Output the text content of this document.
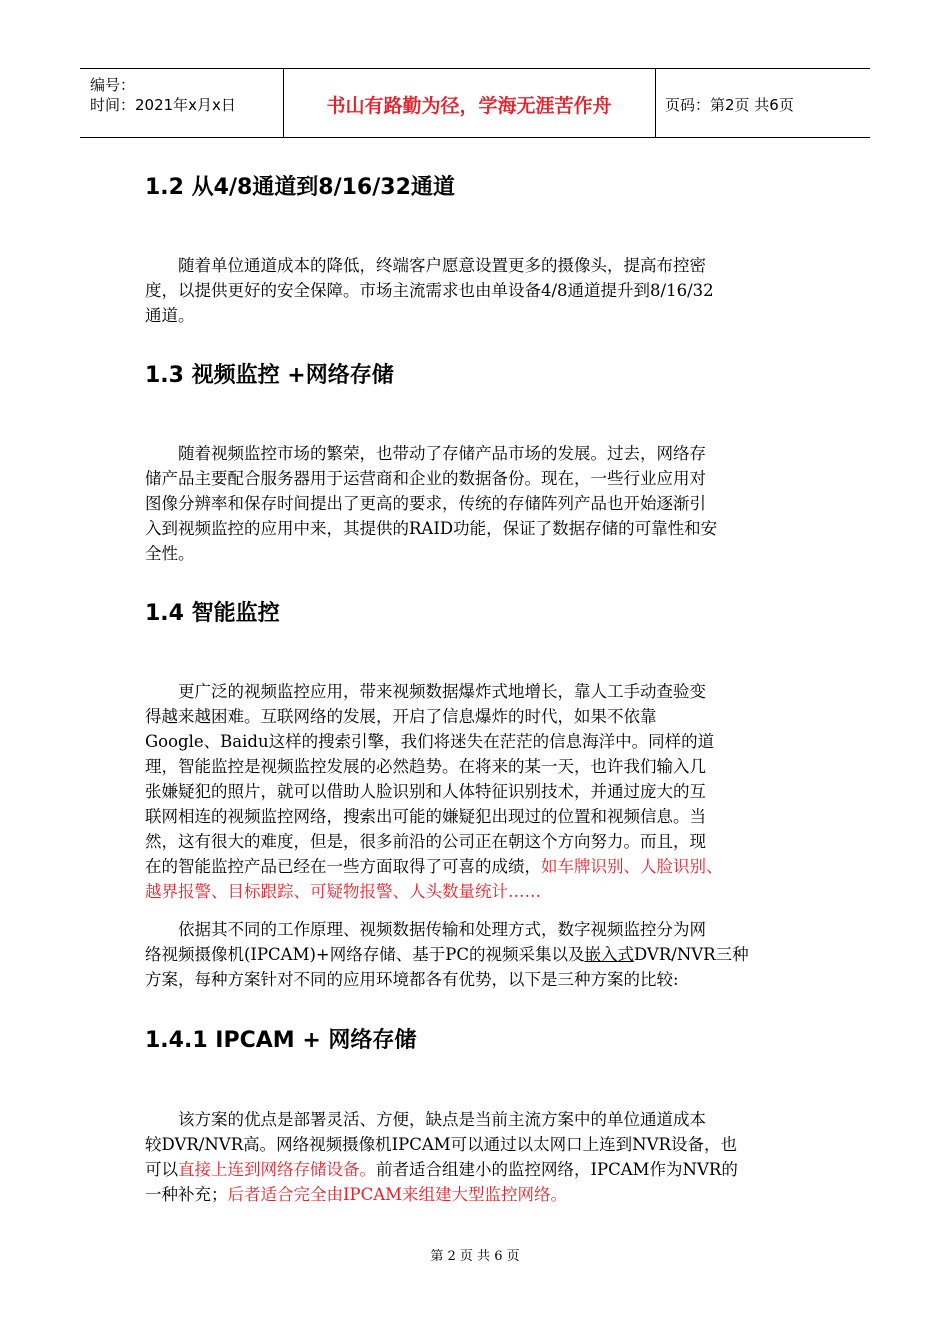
编号：
时间：2021年x月x日	书山有路勤为径，学海无涯苦作舟	页码：第2页 共6页
1.2 从4/8通道到8/16/32通道
　　随着单位通道成本的降低，终端客户愿意设置更多的摄像头，提高布控密
度，以提供更好的安全保障。市场主流需求也由单设备4/8通道提升到8/16/32
通道。
1.3 视频监控 +网络存储
　　随着视频监控市场的繁荣，也带动了存储产品市场的发展。过去，网络存
储产品主要配合服务器用于运营商和企业的数据备份。现在，一些行业应用对
图像分辨率和保存时间提出了更高的要求，传统的存储阵列产品也开始逐渐引
入到视频监控的应用中来，其提供的RAID功能，保证了数据存储的可靠性和安
全性。
1.4 智能监控
　　更广泛的视频监控应用，带来视频数据爆炸式地增长，靠人工手动查验变
得越来越困难。互联网络的发展，开启了信息爆炸的时代，如果不依靠
Google、Baidu这样的搜索引擎，我们将迷失在茫茫的信息海洋中。同样的道
理，智能监控是视频监控发展的必然趋势。在将来的某一天，也许我们输入几
张嫌疑犯的照片，就可以借助人脸识别和人体特征识别技术，并通过庞大的互
联网相连的视频监控网络，搜索出可能的嫌疑犯出现过的位置和视频信息。当
然，这有很大的难度，但是，很多前沿的公司正在朝这个方向努力。而且，现
在的智能监控产品已经在一些方面取得了可喜的成绩，如车牌识别、人脸识别、
越界报警、目标跟踪、可疑物报警、人头数量统计……
　　依据其不同的工作原理、视频数据传输和处理方式，数字视频监控分为网
络视频摄像机(IPCAM)+网络存储、基于PC的视频采集以及嵌入式DVR/NVR三种
方案，每种方案针对不同的应用环境都各有优势，以下是三种方案的比较:
1.4.1 IPCAM + 网络存储
　　该方案的优点是部署灵活、方便，缺点是当前主流方案中的单位通道成本
较DVR/NVR高。网络视频摄像机IPCAM可以通过以太网口上连到NVR设备，也
可以直接上连到网络存储设备。前者适合组建小的监控网络，IPCAM作为NVR的
一种补充；后者适合完全由IPCAM来组建大型监控网络。
第 2 页 共 6 页
